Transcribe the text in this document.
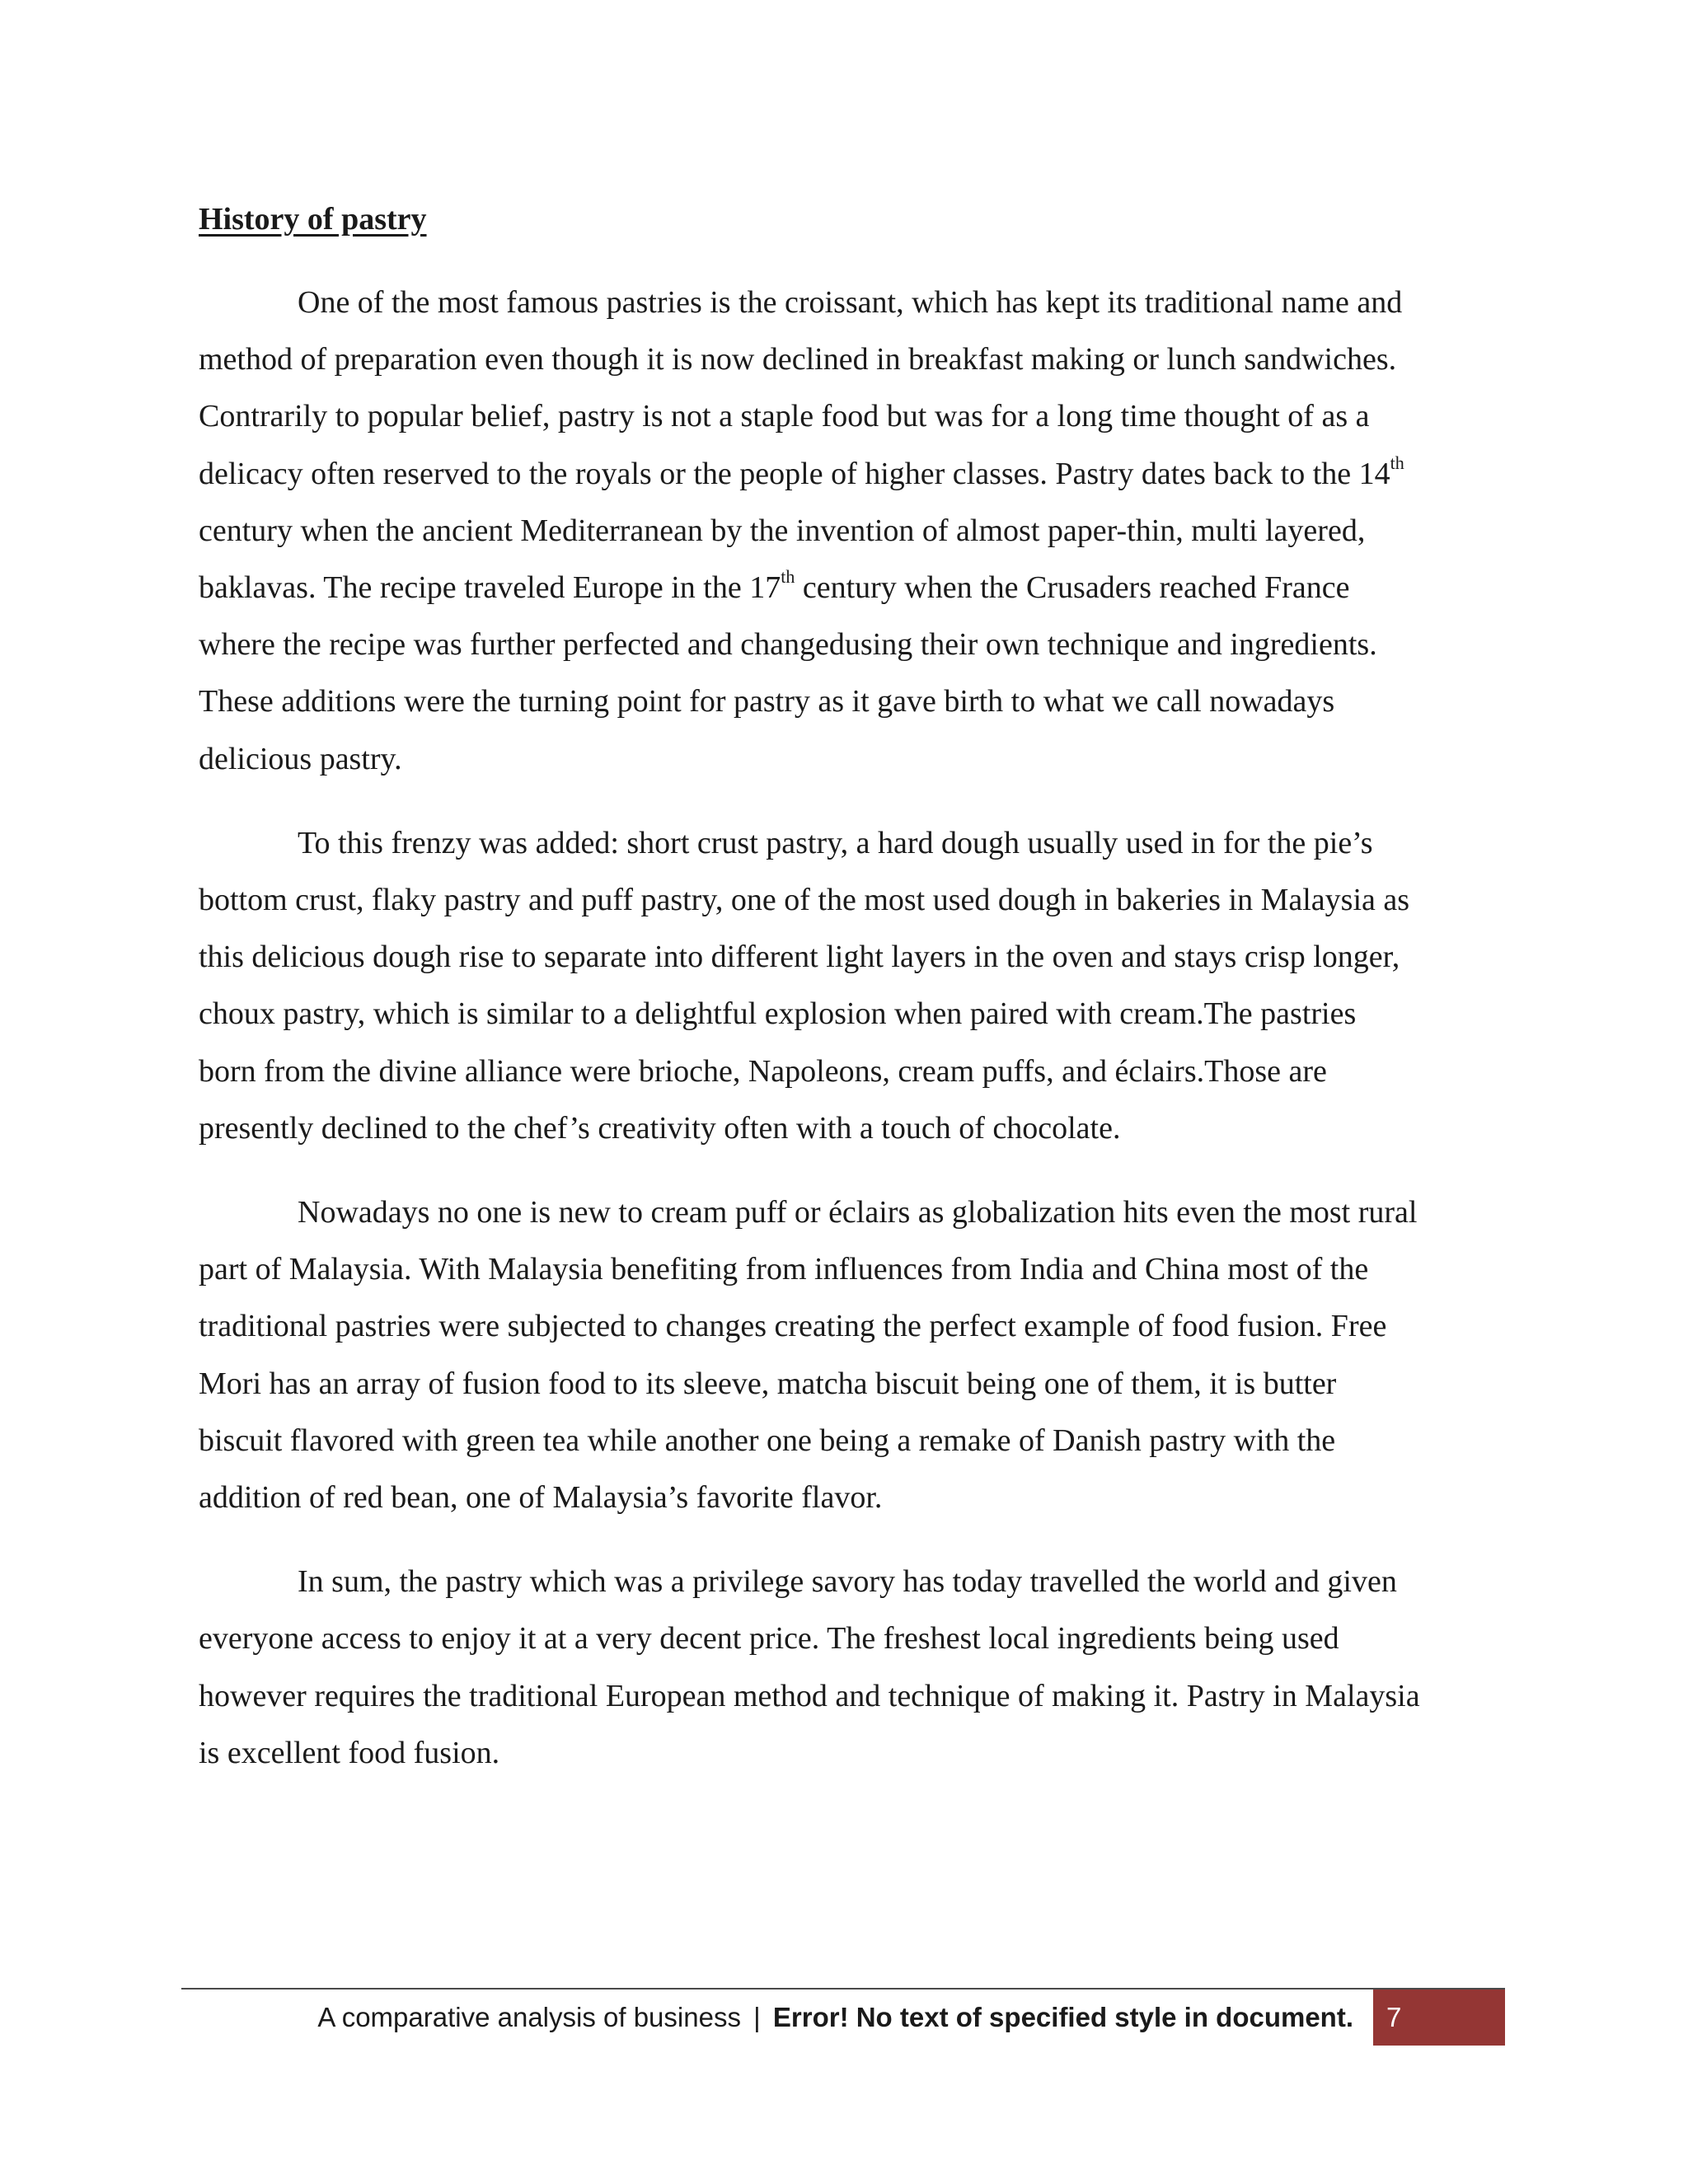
History of pastry
One of the most famous pastries is the croissant, which has kept its traditional name and
method of preparation even though it is now declined in breakfast making or lunch sandwiches.
Contrarily to popular belief, pastry is not a staple food but was for a long time thought of as a
delicacy often reserved to the royals or the people of higher classes. Pastry dates back to the 14th
century when the ancient Mediterranean by the invention of almost paper-thin, multi layered,
baklavas. The recipe traveled Europe in the 17th century when the Crusaders reached France
where the recipe was further perfected and changedusing their own technique and ingredients.
These additions were the turning point for pastry as it gave birth to what we call nowadays
delicious pastry.
To this frenzy was added: short crust pastry, a hard dough usually used in for the pie’s
bottom crust, flaky pastry and puff pastry, one of the most used dough in bakeries in Malaysia as
this delicious dough rise to separate into different light layers in the oven and stays crisp longer,
choux pastry, which is similar to a delightful explosion when paired with cream.The pastries
born from the divine alliance were brioche, Napoleons, cream puffs, and éclairs.Those are
presently declined to the chef’s creativity often with a touch of chocolate.
Nowadays no one is new to cream puff or éclairs as globalization hits even the most rural
part of Malaysia. With Malaysia benefiting from influences from India and China most of the
traditional pastries were subjected to changes creating the perfect example of food fusion. Free
Mori has an array of fusion food to its sleeve, matcha biscuit being one of them, it is butter
biscuit flavored with green tea while another one being a remake of Danish pastry with the
addition of red bean, one of Malaysia’s favorite flavor.
In sum, the pastry which was a privilege savory has today travelled the world and given
everyone access to enjoy it at a very decent price. The freshest local ingredients being used
however requires the traditional European method and technique of making it. Pastry in Malaysia
is excellent food fusion.
A comparative analysis of business | Error! No text of specified style in document.	7
